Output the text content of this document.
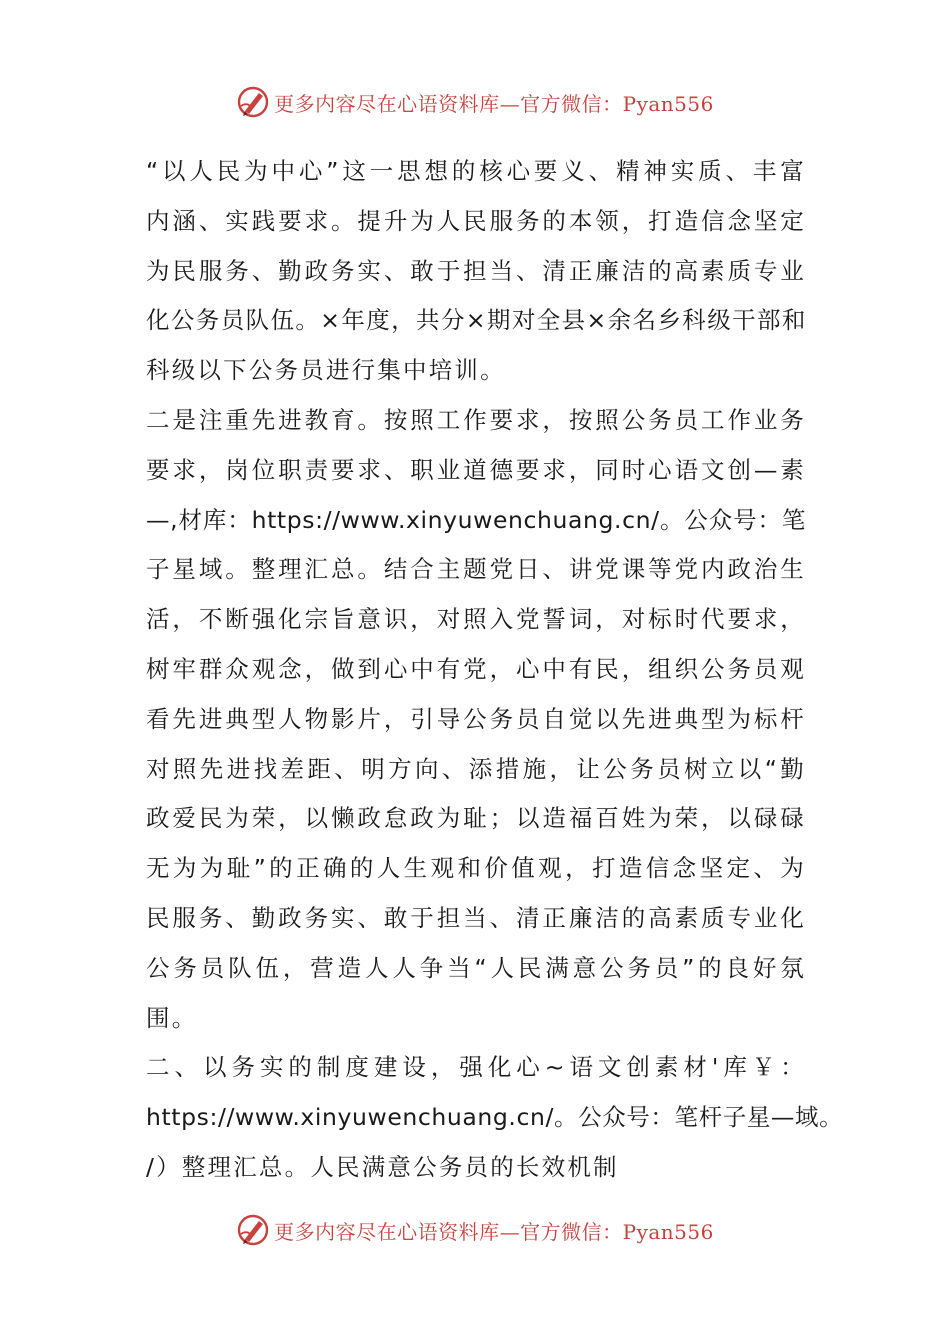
更多内容尽在心语资料库—官方微信：Pyan556
“以人民为中心”这一思想的核心要义、精神实质、丰富
内涵、实践要求。提升为人民服务的本领，打造信念坚定
为民服务、勤政务实、敢于担当、清正廉洁的高素质专业
化公务员队伍。×年度，共分×期对全县×余名乡科级干部和
科级以下公务员进行集中培训。
二是注重先进教育。按照工作要求，按照公务员工作业务
要求，岗位职责要求、职业道德要求，同时心语文创—素
—,材库：https://www.xinyuwenchuang.cn/。公众号：笔
子星域。整理汇总。结合主题党日、讲党课等党内政治生
活，不断强化宗旨意识，对照入党誓词，对标时代要求，
树牢群众观念，做到心中有党，心中有民，组织公务员观
看先进典型人物影片，引导公务员自觉以先进典型为标杆
对照先进找差距、明方向、添措施，让公务员树立以“勤
政爱民为荣，以懒政怠政为耻；以造福百姓为荣，以碌碌
无为为耻”的正确的人生观和价值观，打造信念坚定、为
民服务、勤政务实、敢于担当、清正廉洁的高素质专业化
公务员队伍，营造人人争当“人民满意公务员”的良好氛
围。
二、以务实的制度建设，强化心~语文创素材'库￥：
https://www.xinyuwenchuang.cn/。公众号：笔杆子星—域。
/）整理汇总。人民满意公务员的长效机制
更多内容尽在心语资料库—官方微信：Pyan556
